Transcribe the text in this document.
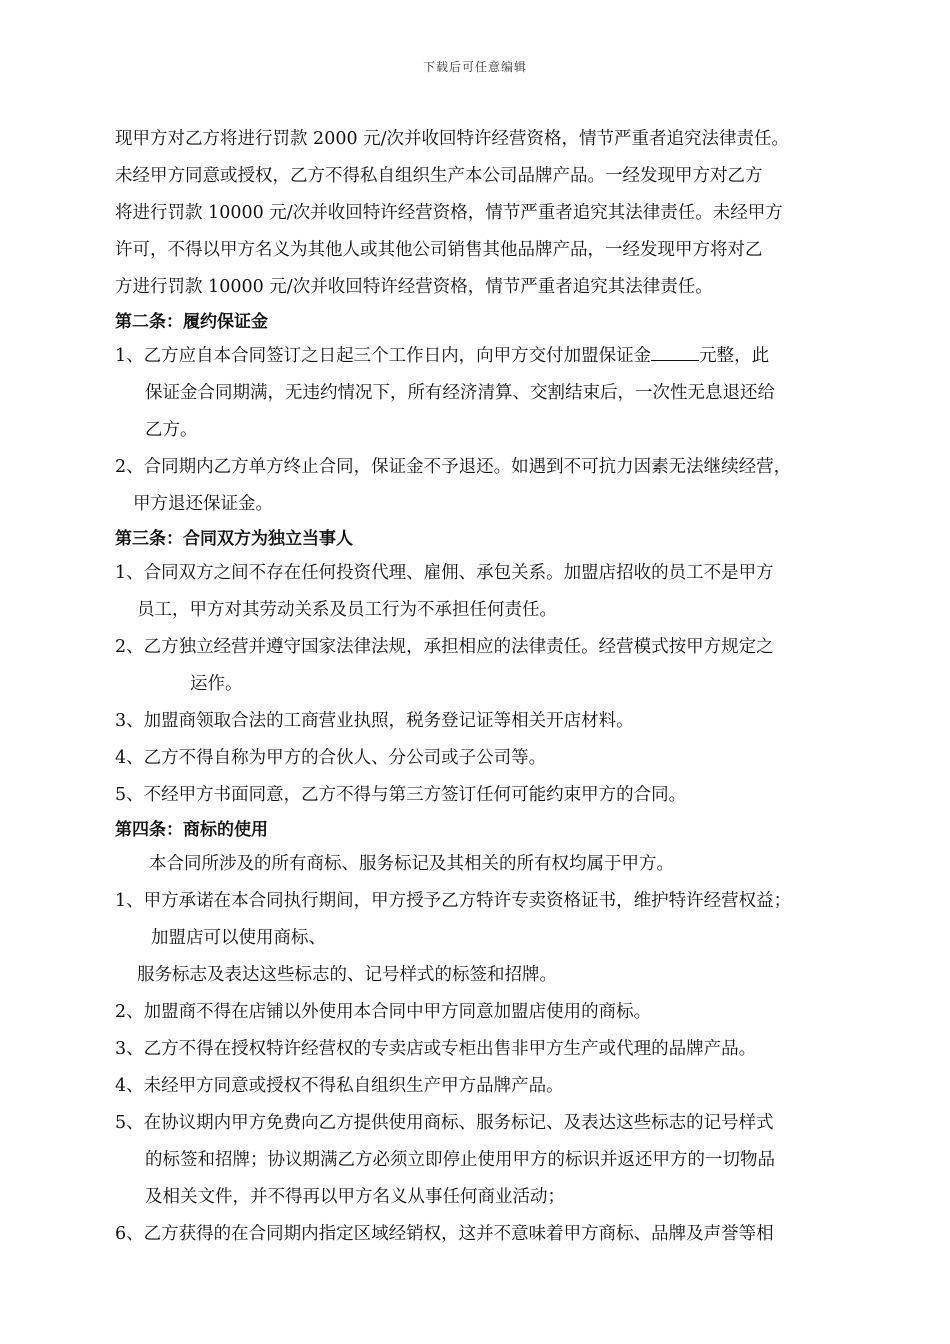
下载后可任意编辑

现甲方对乙方将进行罚款 2000 元/次并收回特许经营资格，情节严重者追究法律责任。

未经甲方同意或授权，乙方不得私自组织生产本公司品牌产品。一经发现甲方对乙方

将进行罚款 10000 元/次并收回特许经营资格，情节严重者追究其法律责任。未经甲方

许可，不得以甲方名义为其他人或其他公司销售其他品牌产品，一经发现甲方将对乙

方进行罚款 10000 元/次并收回特许经营资格，情节严重者追究其法律责任。

第二条：履约保证金

1、乙方应自本合同签订之日起三个工作日内，向甲方交付加盟保证金	元整，此

保证金合同期满，无违约情况下，所有经济清算、交割结束后，一次性无息退还给

乙方。

2、合同期内乙方单方终止合同，保证金不予退还。如遇到不可抗力因素无法继续经营，

甲方退还保证金。

第三条：合同双方为独立当事人

1、合同双方之间不存在任何投资代理、雇佣、承包关系。加盟店招收的员工不是甲方

员工，甲方对其劳动关系及员工行为不承担任何责任。

2、乙方独立经营并遵守国家法律法规，承担相应的法律责任。经营模式按甲方规定之

运作。

3、加盟商领取合法的工商营业执照，税务登记证等相关开店材料。

4、乙方不得自称为甲方的合伙人、分公司或子公司等。

5、不经甲方书面同意，乙方不得与第三方签订任何可能约束甲方的合同。

第四条：商标的使用

本合同所涉及的所有商标、服务标记及其相关的所有权均属于甲方。

1、甲方承诺在本合同执行期间，甲方授予乙方特许专卖资格证书，维护特许经营权益；

加盟店可以使用商标、

服务标志及表达这些标志的、记号样式的标签和招牌。

2、加盟商不得在店铺以外使用本合同中甲方同意加盟店使用的商标。

3、乙方不得在授权特许经营权的专卖店或专柜出售非甲方生产或代理的品牌产品。

4、未经甲方同意或授权不得私自组织生产甲方品牌产品。

5、在协议期内甲方免费向乙方提供使用商标、服务标记、及表达这些标志的记号样式

的标签和招牌；协议期满乙方必须立即停止使用甲方的标识并返还甲方的一切物品

及相关文件，并不得再以甲方名义从事任何商业活动；

6、乙方获得的在合同期内指定区域经销权，这并不意味着甲方商标、品牌及声誉等相
